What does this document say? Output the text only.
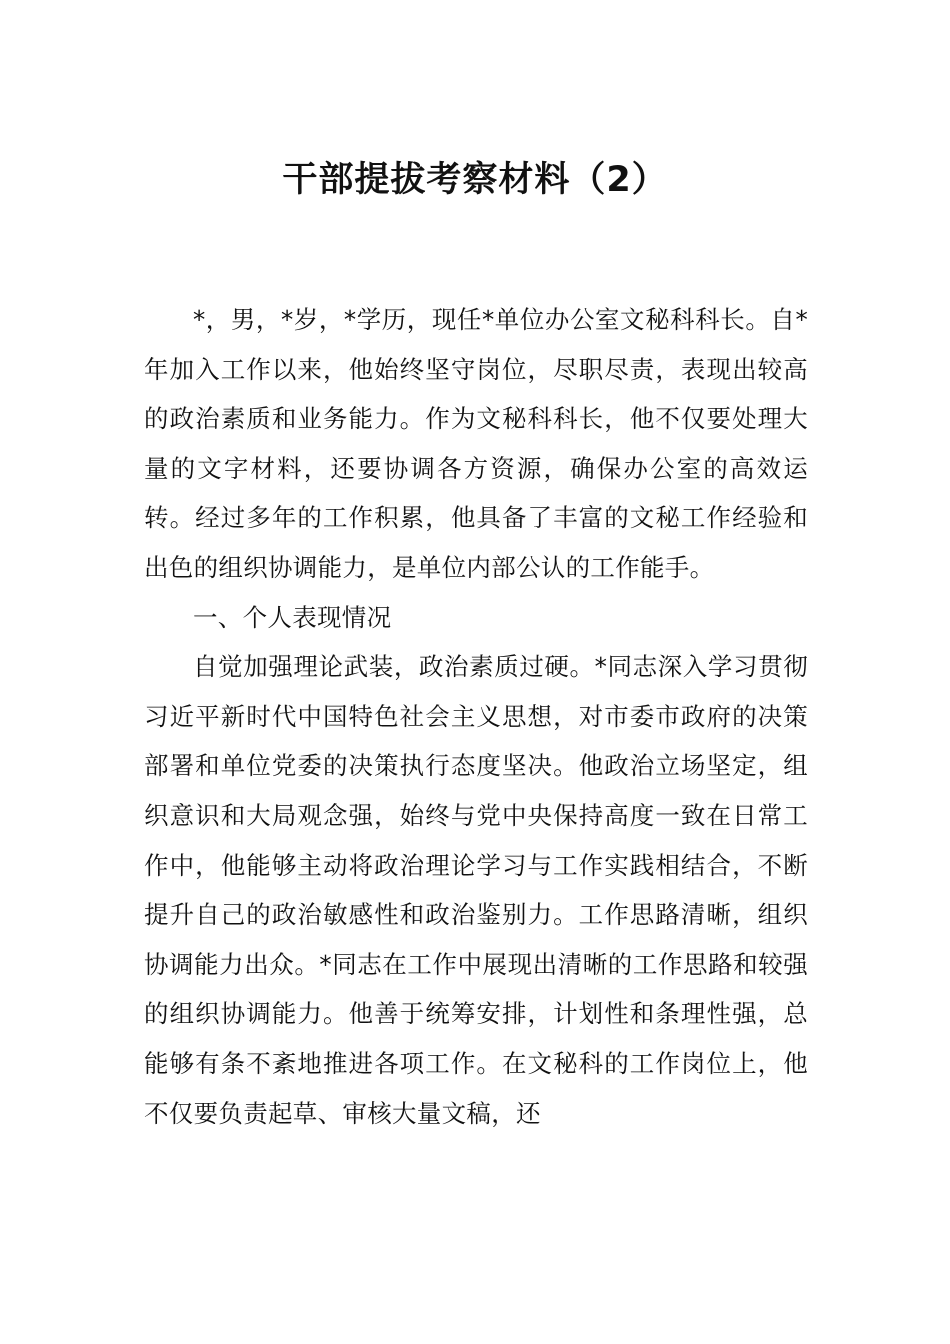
干部提拔考察材料（2）

*，男，*岁，*学历，现任*单位办公室文秘科科长。自*年加入工作以来，他始终坚守岗位，尽职尽责，表现出较高的政治素质和业务能力。作为文秘科科长，他不仅要处理大量的文字材料，还要协调各方资源，确保办公室的高效运转。经过多年的工作积累，他具备了丰富的文秘工作经验和出色的组织协调能力，是单位内部公认的工作能手。

一、个人表现情况

自觉加强理论武装，政治素质过硬。*同志深入学习贯彻习近平新时代中国特色社会主义思想，对市委市政府的决策部署和单位党委的决策执行态度坚决。他政治立场坚定，组织意识和大局观念强，始终与党中央保持高度一致在日常工作中，他能够主动将政治理论学习与工作实践相结合，不断提升自己的政治敏感性和政治鉴别力。工作思路清晰，组织协调能力出众。*同志在工作中展现出清晰的工作思路和较强的组织协调能力。他善于统筹安排，计划性和条理性强，总能够有条不紊地推进各项工作。在文秘科的工作岗位上，他不仅要负责起草、审核大量文稿，还
